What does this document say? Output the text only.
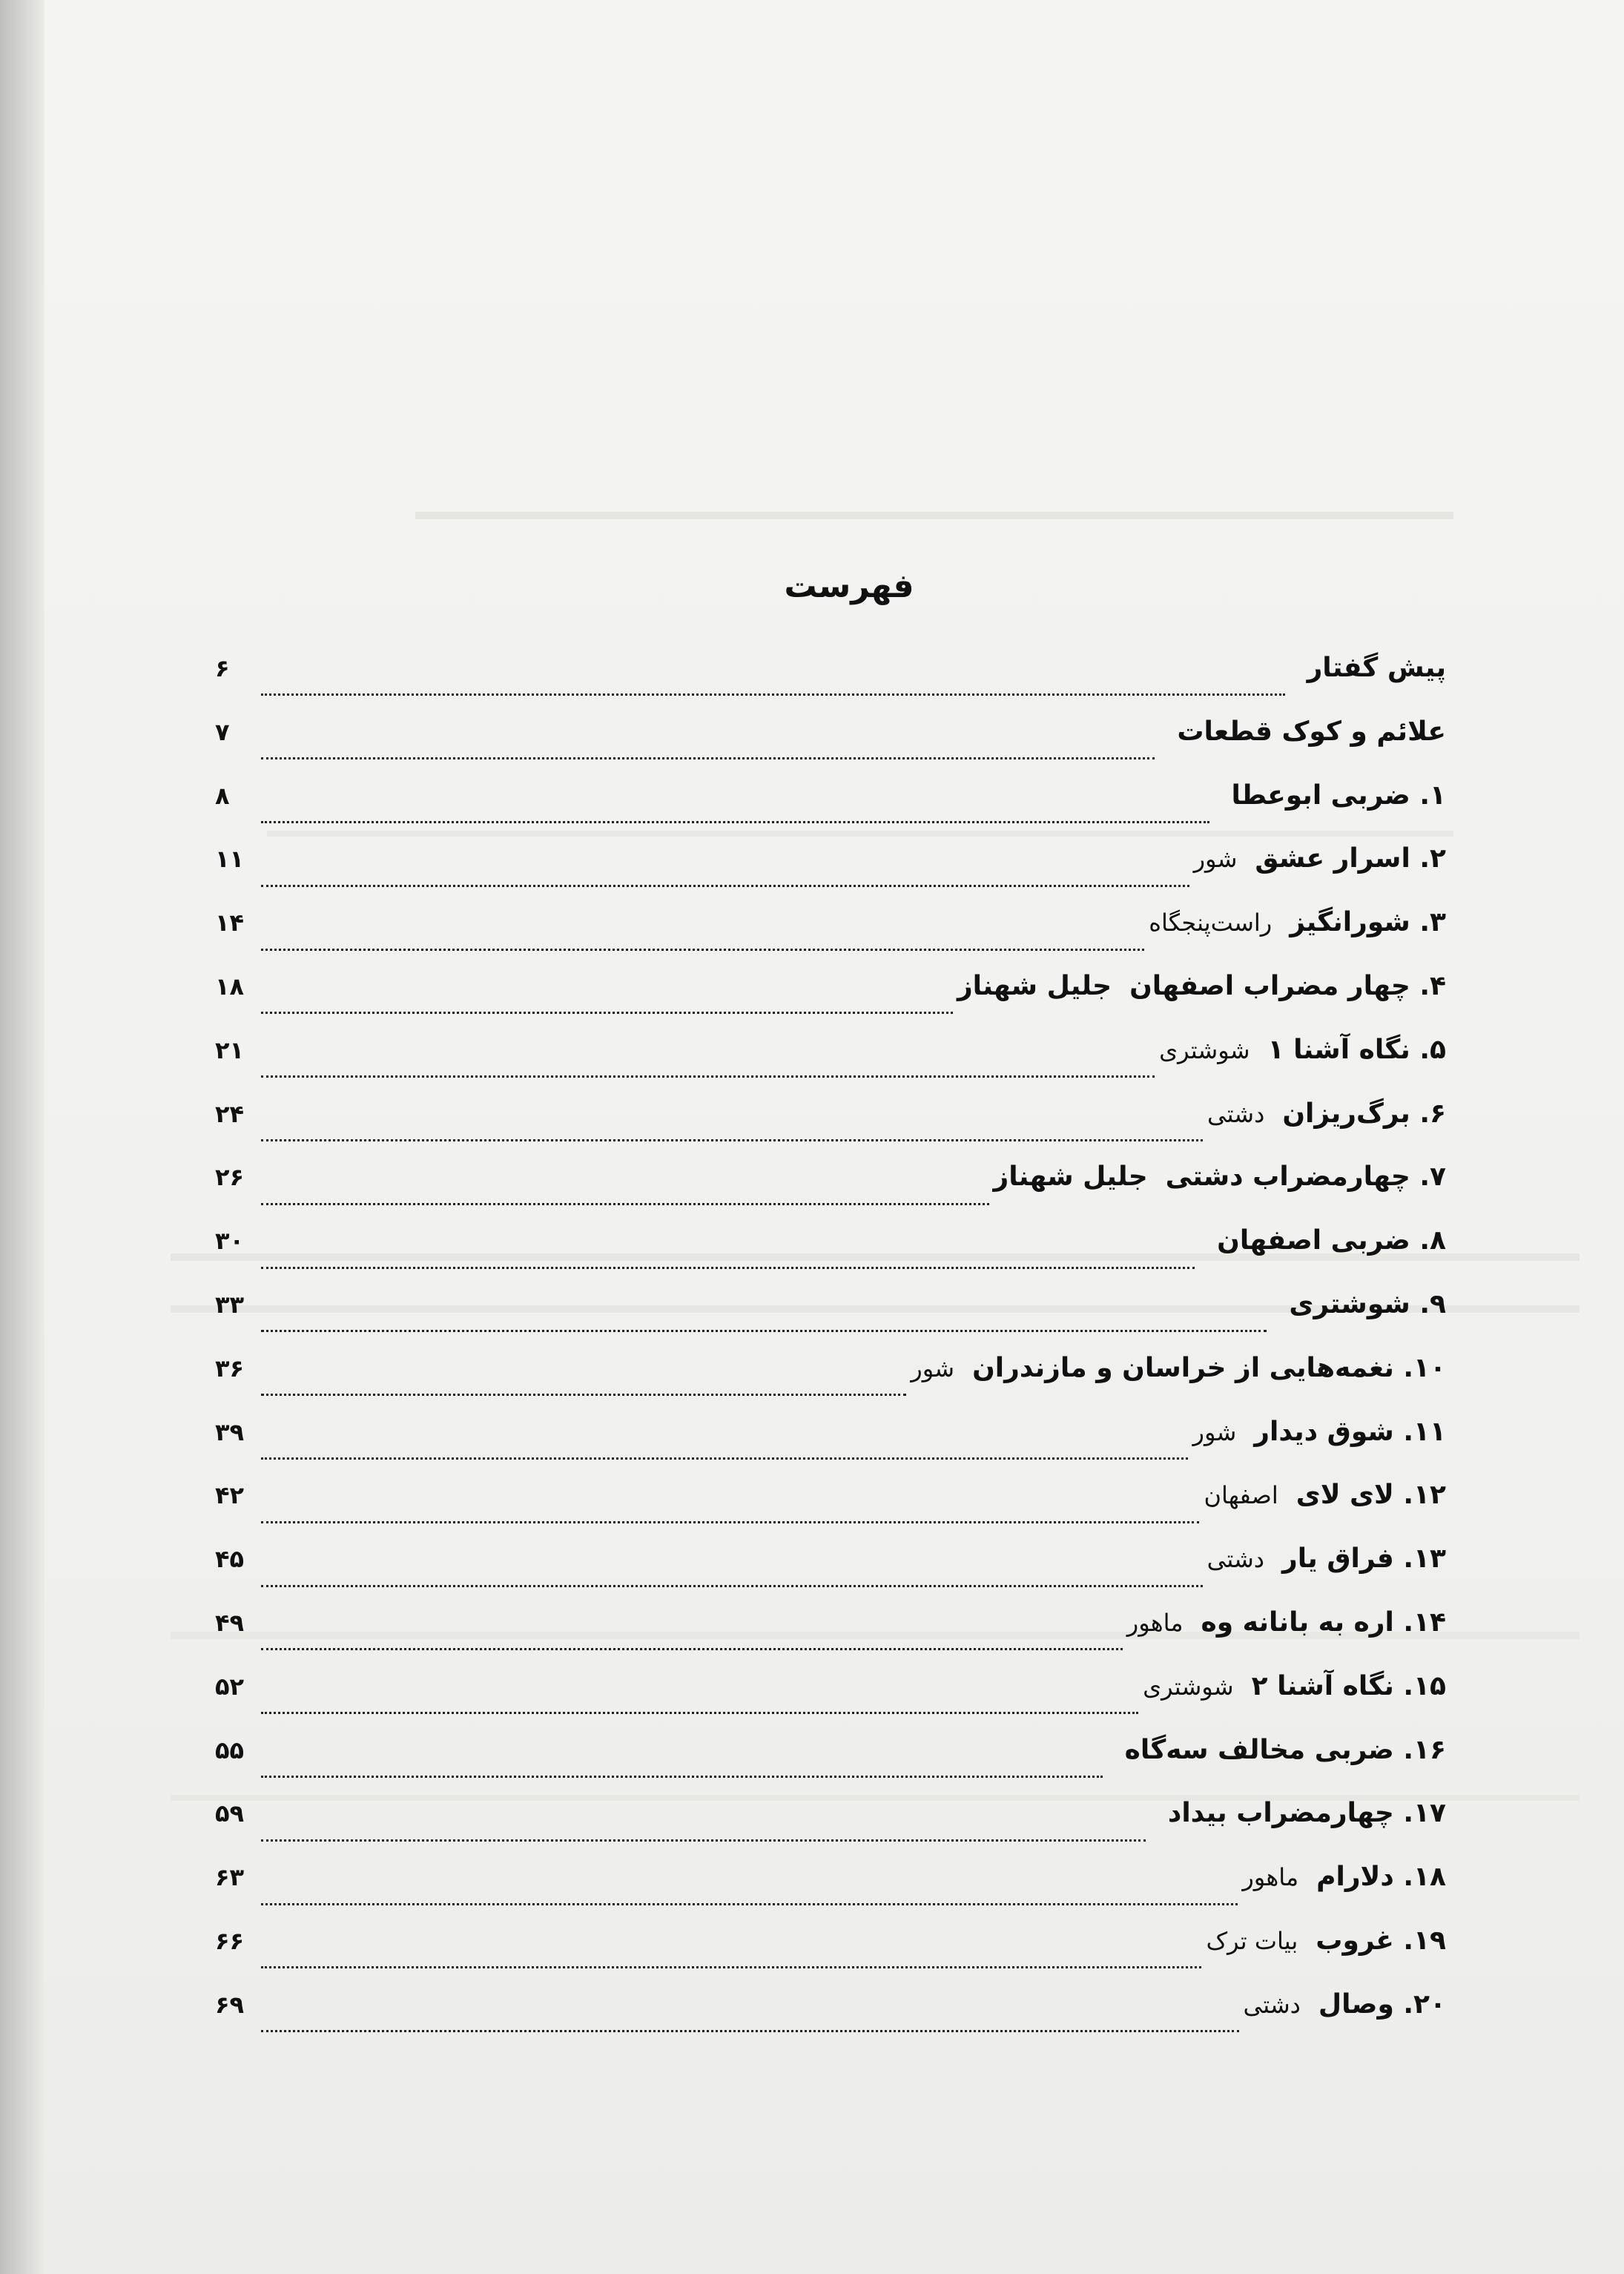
فهرست
پیش گفتار
۶
علائم و کوک قطعات
۷
۱. ضربی ابوعطا
۸
۲. اسرار عشق
شور
۱۱
۳. شورانگیز
راست‌پنجگاه
۱۴
۴. چهار مضراب اصفهان
جلیل شهناز
۱۸
۵. نگاه آشنا ۱
شوشتری
۲۱
۶. برگ‌ریزان
دشتی
۲۴
۷. چهارمضراب دشتی
جلیل شهناز
۲۶
۸. ضربی اصفهان
۳۰
۹. شوشتری
۳۳
۱۰. نغمه‌هایی از خراسان و مازندران
شور
۳۶
۱۱. شوق دیدار
شور
۳۹
۱۲. لای لای
اصفهان
۴۲
۱۳. فراق یار
دشتی
۴۵
۱۴. اره به بانانه وه
ماهور
۴۹
۱۵. نگاه آشنا ۲
شوشتری
۵۲
۱۶. ضربی مخالف سه‌گاه
۵۵
۱۷. چهارمضراب بیداد
۵۹
۱۸. دلارام
ماهور
۶۳
۱۹. غروب
بیات ترک
۶۶
۲۰. وصال
دشتی
۶۹
